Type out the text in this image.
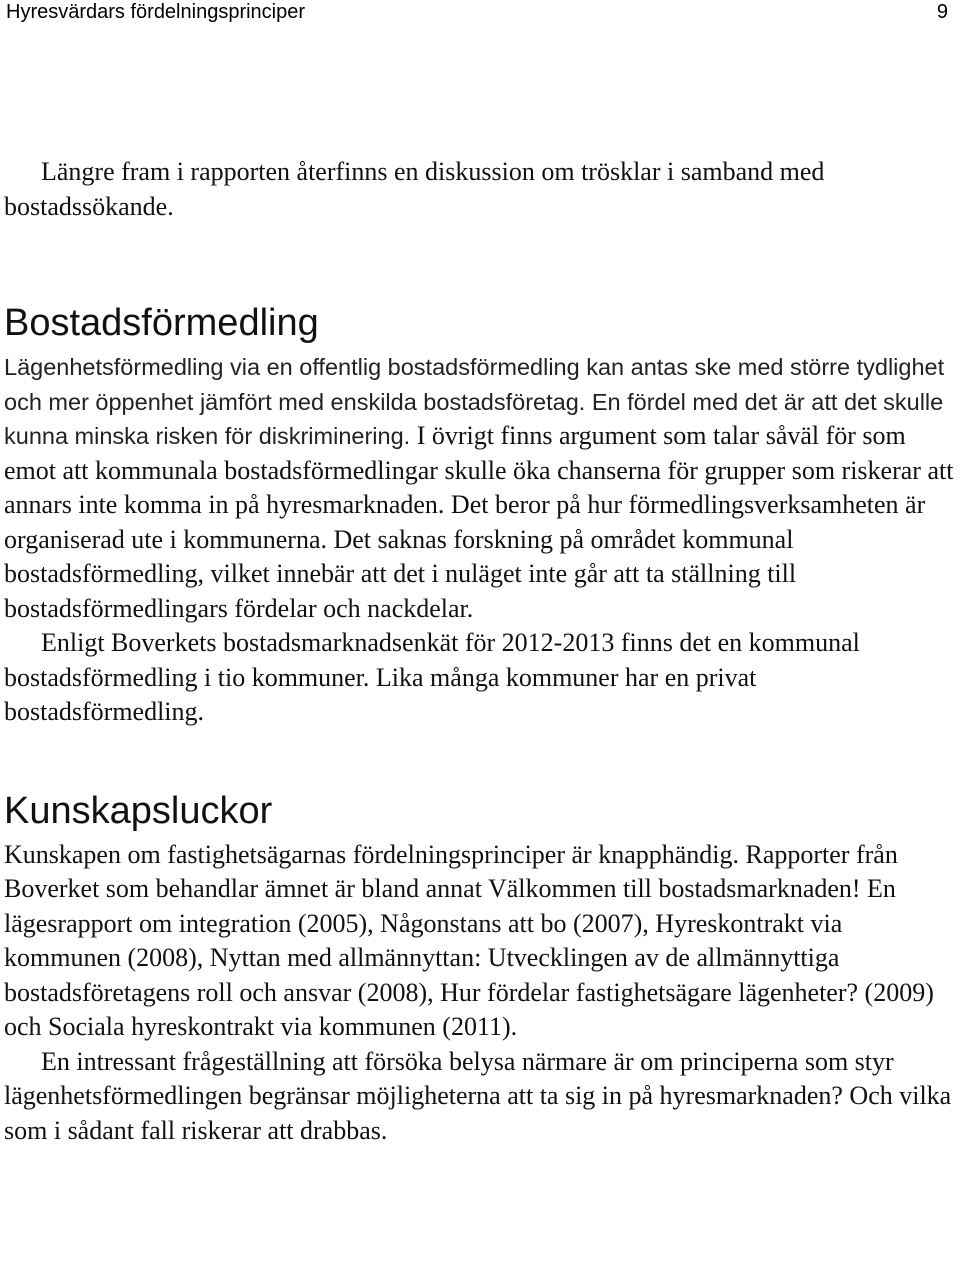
Hyresvärdars fördelningsprinciper	9

Längre fram i rapporten återfinns en diskussion om trösklar i samband med bostadssökande.

Bostadsförmedling

Lägenhetsförmedling via en offentlig bostadsförmedling kan antas ske med större tydlighet och mer öppenhet jämfört med enskilda bostadsföretag. En fördel med det är att det skulle kunna minska risken för diskriminering. I övrigt finns argument som talar såväl för som emot att kommunala bostadsförmedlingar skulle öka chanserna för grupper som riskerar att annars inte komma in på hyresmarknaden. Det beror på hur förmedlingsverksamheten är organiserad ute i kommunerna. Det saknas forskning på området kommunal bostadsförmedling, vilket innebär att det i nuläget inte går att ta ställning till bostadsförmedlingars fördelar och nackdelar.

Enligt Boverkets bostadsmarknadsenkät för 2012-2013 finns det en kommunal bostadsförmedling i tio kommuner. Lika många kommuner har en privat bostadsförmedling.

Kunskapsluckor

Kunskapen om fastighetsägarnas fördelningsprinciper är knapphändig. Rapporter från Boverket som behandlar ämnet är bland annat Välkommen till bostadsmarknaden! En lägesrapport om integration (2005), Någonstans att bo (2007), Hyreskontrakt via kommunen (2008), Nyttan med allmännyttan: Utvecklingen av de allmännyttiga bostadsföretagens roll och ansvar (2008), Hur fördelar fastighetsägare lägenheter? (2009) och Sociala hyreskontrakt via kommunen (2011).

En intressant frågeställning att försöka belysa närmare är om principerna som styr lägenhetsförmedlingen begränsar möjligheterna att ta sig in på hyresmarknaden? Och vilka som i sådant fall riskerar att drabbas.
